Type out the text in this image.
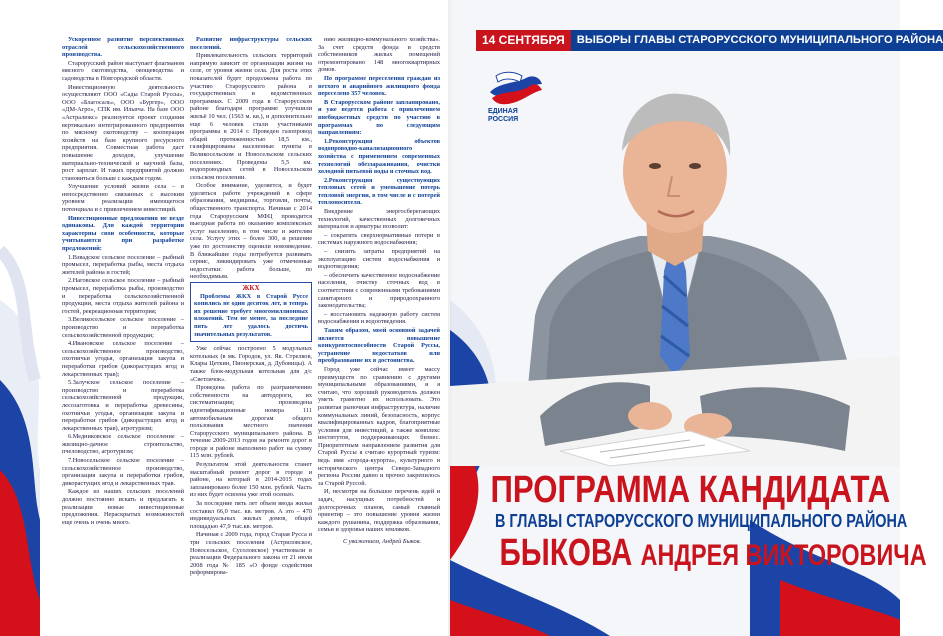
Ускоренное развитие перспективных отраслей сельскохозяйственного производства.

Старорусский район выступает флагманом мясного скотоводства, овощеводства и садоводства в Новгородской области.

Инвестиционную деятельность осуществляют ООО «Сады Старой Руссы», ООО «Благосаль», ООО «Бургер», ООО «ДМ-Агро», СПК им. Ильича. На базе ООО «Астралюкс» реализуется проект создания вертикально интегрированного предприятия по мясному скотоводству – кооперация хозяйств на базе крупного ресурсного предприятия. Совместная работа даст повышение доходов, улучшение материально-технической и научной базы, рост зарплат. И таких предприятий должно становиться больше с каждым годом.

Улучшение условий жизни села – в непосредственно связанных с высоким уровнем реализации имеющегося потенциала и с привлечением инвестиций.

Инвестиционные предложения не везде одинаковы. Для каждой территории характерны свои особенности, которые учитываются при разработке предложений:

1.Взвадское сельское поселение – рыбный промысел, переработка рыбы, места отдыха жителей района и гостей;

2.Наговское сельское поселение – рыбный промысел, переработка рыбы, производство и переработка сельскохозяйственной продукции, места отдыха жителей района и гостей, рекреационная территория;

3.Великосельское сельское поселение – производство и переработка сельскохозяйственной продукции;

4.Ивановское сельское поселение – сельскохозяйственное производство, охотничьи угодья, организация закупа и переработки грибов (дикорастущих ягод и лекарственных трав);

5.Залучское сельское поселение – производство и переработка сельскохозяйственной продукции, лесозаготовка и переработка древесины, охотничьи угодья, организация закупа и переработки грибов (дикорастущих ягод и лекарственных трав), агротуризм;

6.Медниковское сельское поселение – жилищно-дачное строительство, пчеловодство, агротуризм;

7.Новосельское сельское поселение – сельскохозяйственное производство, организация закупа и переработки грибов, дикорастущих ягод и лекарственных трав.

Каждое из наших сельских поселений должно постоянно искать и предлагать к реализации новые инвестиционные предложения. Нераскрытых возможностей еще очень и очень много.

Развитие инфраструктуры сельских поселений.

Привлекательность сельских территорий напрямую зависит от организации жизни на селе, от уровня жизни села. Для роста этих показателей будет продолжена работа по участию Старорусского района в государственных и ведомственных программах. С 2009 года в Старорусском районе благодаря программе улучшили жильё 10 чел. (1563 м. кв.), и дополнительно еще 6 человек стали участниками программы в 2014 г. Проведен газопровод общей протяженностью 18,5 км., газифицированы населенные пункты в Великосельском и Новосельском сельских поселениях. Проведены 5,5 км. водопроводных сетей в Новосельском сельском поселении.

Особое внимание, уделяется, и будет уделяться работе учреждений в сфере образования, медицины, торговли, почты, общественного транспорта. Начиная с 2014 года Старорусским МФЦ проводится выездная работа по оказанию комплексных услуг населению, в том числе и жителям села. Услугу этих – более 300, и решение уже по достоинству оценили нововведение. В ближайшие годы потребуется развивать сервис, ликвидировать уже отмеченные недостатки: работа больше, по необходимым.

ЖКХ

Проблемы ЖКХ в Старой Руссе копились не один десяток лет, и теперь их решение требует многомиллионных вложений. Тем не менее, за последние пять лет удалось достичь значительных результатов.

Уже сейчас построено 5 модульных котельных (в мк. Городок, ул. Як. Стрелков, Клары Цеткин, Пионерская, д. Дубовицы). А также блок-модульная котельная для д/с «Светлячок».

Проведена работа по разграничению собственности на автодороги, их систематизации; произведена идентификационные номера 111 автомобильным дорогам общего пользования местного значения Старорусского муниципального района. В течение 2009-2013 годов на ремонте дорог в городе и районе выполнено работ на сумму 115 млн. рублей.

Результатом этой деятельности станет масштабный ремонт дорог в городе и районе, на который в 2014-2015 годах запланировано более 150 млн. рублей. Часть из них будет освоена уже этой осенью.

За последние пять лет объем ввода жилья составил 66,0 тыс. кв. метров. А это – 470 индивидуальных жилых домов, общей площадью 47,9 тыс.кв. метров.

Начиная с 2009 года, город Старая Русса и три сельских поселения (Астриловское, Новосельское, Сусоловское) участвовали в реализации Федерального закона от 21 июля 2008 года № 185 «О фонде содействия реформирова-

нию жилищно-коммунального хозяйства». За счет средств фонда и средств собственников жилых помещений отремонтировано 148 многоквартирных домов.

По программе переселения граждан из ветхого и аварийного жилищного фонда переселено 357 человек.

В Старорусском районе запланировано, и уже ведется работа с привлечением внебюджетных средств по участию в программах по следующим направлениям:

1.Реконструкция объектов водопроводно-канализационного хозяйства с применением современных технологий обеззараживания, очистки холодной питьевой воды и сточных вод.

2.Реконструкция существующих тепловых сетей и уменьшение потерь тепловой энергии, в том числе и с потерей теплоносителя.

Внедрение энергосберегающих технологий, качественных долговечных материалов и арматуры позволит:

– сократить сверхнормативные потери в системах наружного водоснабжения;

– снизить затраты предприятий на эксплуатацию систем водоснабжения и водоотведения;

– обеспечить качественное водоснабжение населения, очистку сточных вод в соответствии с современными требованиями санитарного и природоохранного законодательства;

– восстановить надежную работу систем водоснабжения и водоотведения.

Таким образом, моей основной задачей является повышение конкурентоспособности Старой Руссы, устранение недостатков или преобразование их в достоинства.

Город уже сейчас имеет массу преимуществ по сравнению с другими муниципальными образованиями, и я считаю, что хороший руководитель должен уметь грамотно их использовать. Это развитая рыночная инфраструктура, наличие коммунальных линий, безопасность, корпус квалифицированных кадров, благоприятные условия для инвестиций, а также комплекс институтов, поддерживающих бизнес. Приоритетным направлением развития для Старой Руссы я считаю курортный туризм: ведь имя «города-курорта», культурного и исторического центра Северо-Западного региона России давно и прочно закрепилось за Старой Руссой.

И, несмотря на большое перечень идей и задач, насущных потребностей и долгосрочных планов, самый главный ориентир – это повышение уровня жизни каждого рушанина, поддержка образования, семьи и здоровья наших земляков.

С уважением, Андрей Быков.

14 СЕНТЯБРЯ	ВЫБОРЫ ГЛАВЫ СТАРОРУССКОГО МУНИЦИПАЛЬНОГО РАЙОНА
ЕДИНАЯ
РОССИЯ
ПРОГРАММА КАНДИДАТА
В ГЛАВЫ СТАРОРУССКОГО МУНИЦИПАЛЬНОГО РАЙОНА
БЫКОВА АНДРЕЯ ВИКТОРОВИЧА
